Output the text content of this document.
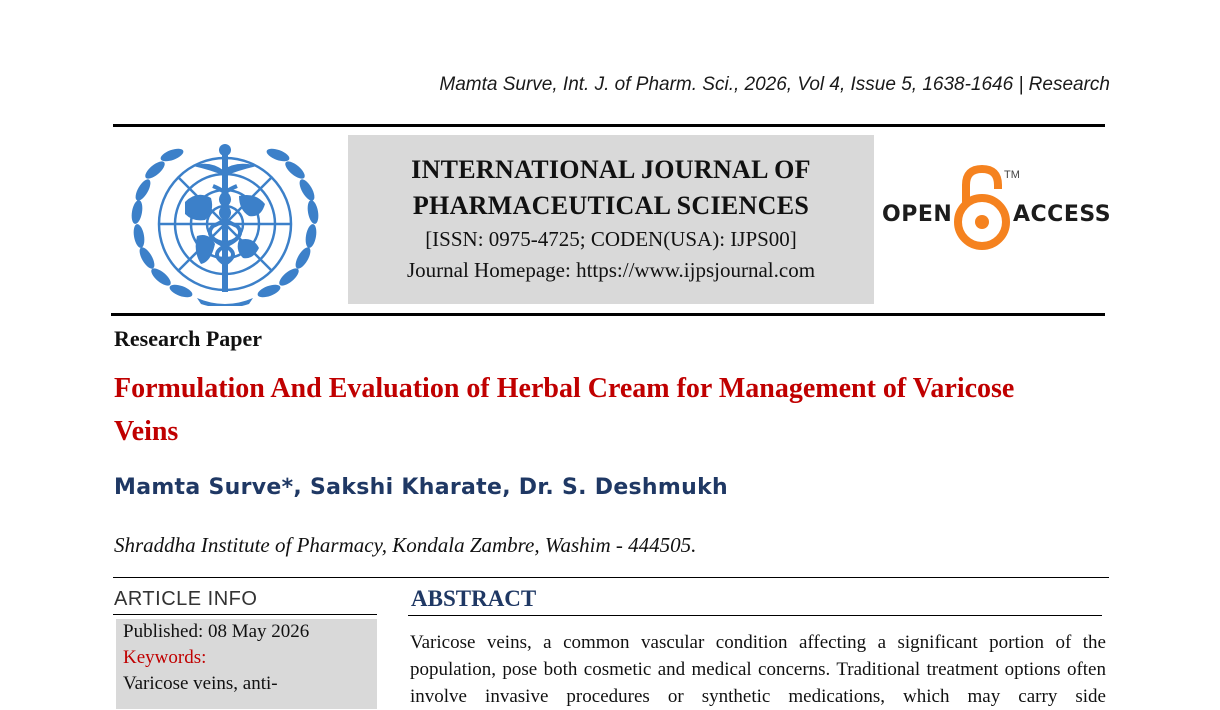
Mamta Surve, Int. J. of Pharm. Sci., 2026, Vol 4, Issue 5, 1638-1646 | Research
INTERNATIONAL JOURNAL OF
PHARMACEUTICAL SCIENCES
[ISSN: 0975-4725; CODEN(USA): IJPS00]
Journal Homepage: https://www.ijpsjournal.com
OPEN
TM
ACCESS
Research Paper
Formulation And Evaluation of Herbal Cream for Management of Varicose Veins
Mamta Surve*, Sakshi Kharate, Dr. S. Deshmukh
Shraddha Institute of Pharmacy, Kondala Zambre, Washim - 444505.
ARTICLE INFO
Published: 08 May 2026
Keywords:
Varicose veins, anti-
ABSTRACT
Varicose veins, a common vascular condition affecting a significant portion of the population, pose both cosmetic and medical concerns. Traditional treatment options often involve invasive procedures or synthetic medications, which may carry side
